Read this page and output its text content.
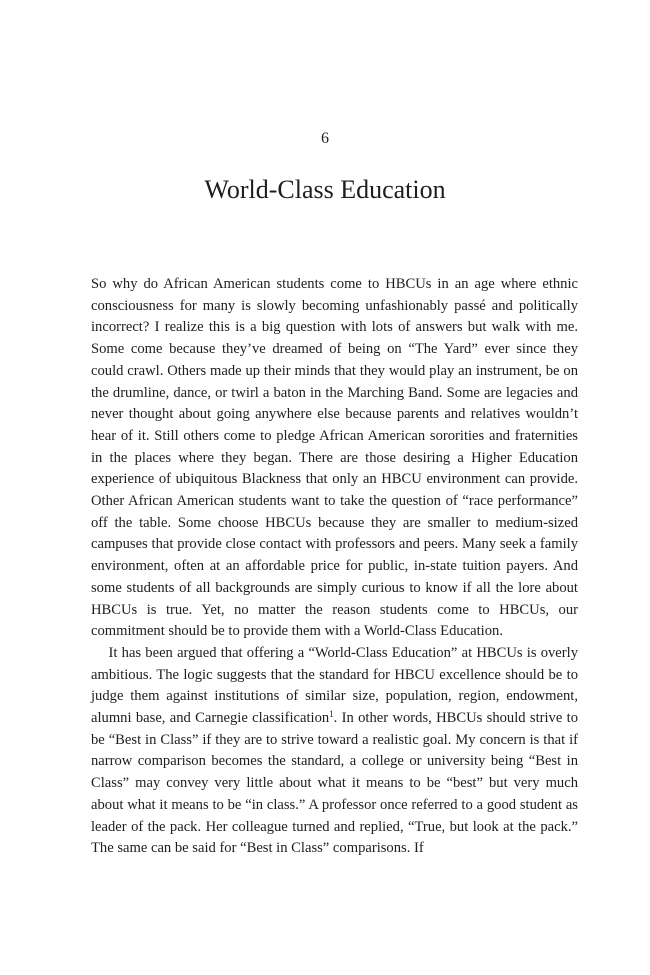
6
World-Class Education

So why do African American students come to HBCUs in an age where ethnic consciousness for many is slowly becoming unfashionably passé and politically incorrect? I realize this is a big question with lots of answers but walk with me. Some come because they’ve dreamed of being on “The Yard” ever since they could crawl. Others made up their minds that they would play an instrument, be on the drumline, dance, or twirl a baton in the Marching Band. Some are legacies and never thought about going anywhere else because parents and relatives wouldn’t hear of it. Still others come to pledge African American sororities and fraternities in the places where they began. There are those desiring a Higher Education experience of ubiquitous Blackness that only an HBCU environment can provide. Other African American students want to take the question of “race performance” off the table. Some choose HBCUs because they are smaller to medium-sized campuses that provide close contact with professors and peers. Many seek a family environment, often at an affordable price for public, in-state tuition payers. And some students of all backgrounds are simply curious to know if all the lore about HBCUs is true. Yet, no matter the reason students come to HBCUs, our commitment should be to provide them with a World-Class Education.

It has been argued that offering a “World-Class Education” at HBCUs is overly ambitious. The logic suggests that the standard for HBCU excellence should be to judge them against institutions of similar size, population, region, endowment, alumni base, and Carnegie classification$^1$. In other words, HBCUs should strive to be “Best in Class” if they are to strive toward a realistic goal. My concern is that if narrow comparison becomes the standard, a college or university being “Best in Class” may convey very little about what it means to be “best” but very much about what it means to be “in class.” A professor once referred to a good student as leader of the pack. Her colleague turned and replied, “True, but look at the pack.” The same can be said for “Best in Class” comparisons. If
